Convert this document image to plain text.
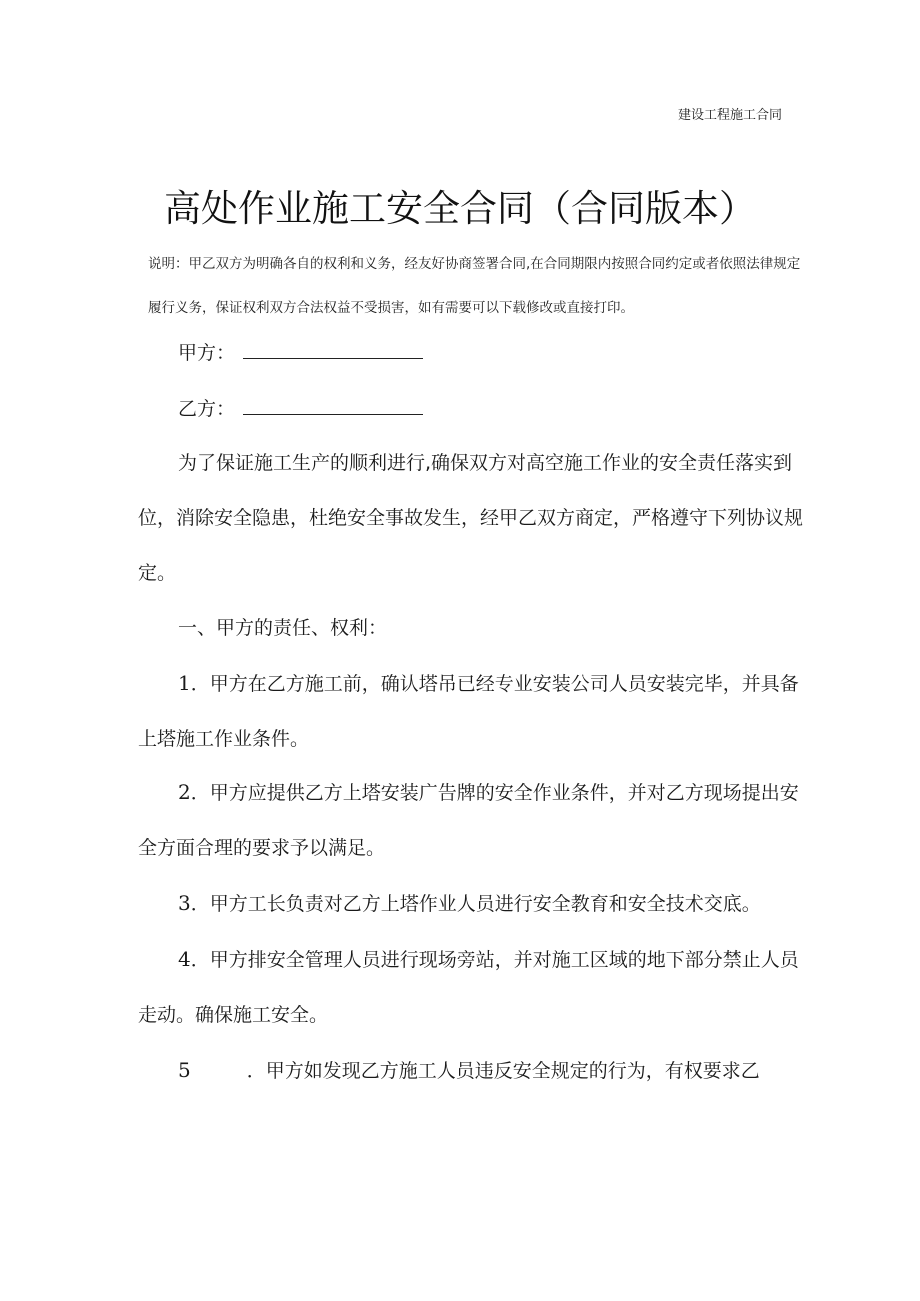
建设工程施工合同
高处作业施工安全合同（合同版本）
说明：甲乙双方为明确各自的权利和义务，经友好协商签署合同,在合同期限内按照合同约定或者依照法律规定履行义务，保证权利双方合法权益不受损害，如有需要可以下载修改或直接打印。
甲方：
乙方：
为了保证施工生产的顺利进行,确保双方对高空施工作业的安全责任落实到位，消除安全隐患，杜绝安全事故发生，经甲乙双方商定，严格遵守下列协议规定。
一、甲方的责任、权利：
1．甲方在乙方施工前，确认塔吊已经专业安装公司人员安装完毕，并具备上塔施工作业条件。
2．甲方应提供乙方上塔安装广告牌的安全作业条件，并对乙方现场提出安全方面合理的要求予以满足。
3．甲方工长负责对乙方上塔作业人员进行安全教育和安全技术交底。
4．甲方排安全管理人员进行现场旁站，并对施工区域的地下部分禁止人员走动。确保施工安全。
5	．甲方如发现乙方施工人员违反安全规定的行为，有权要求乙
